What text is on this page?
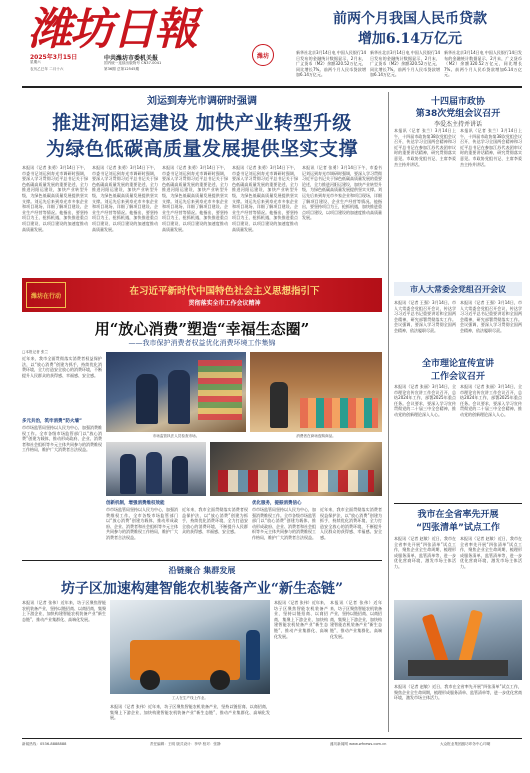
潍坊日報
2025年3月15日
星期六
农历乙巳年 二月十六
中共潍坊市委机关报
国内统一连续出版物号 CN37-0041
第36期 总第12545期
潍坊
前两个月我国人民币贷款
增加6.14万亿元
新华社北京3月14日电 中国人民银行14日发布的金融统计数据显示，2月末，广义货币（M2）余额320.52万亿元，同比增长7%。前两个月人民币贷款增加6.14万亿元。
新华社北京3月14日电 中国人民银行14日发布的金融统计数据显示，2月末，广义货币（M2）余额320.52万亿元，同比增长7%。前两个月人民币贷款增加6.14万亿元。
新华社北京3月14日电 中国人民银行14日发布的金融统计数据显示，2月末，广义货币（M2）余额320.52万亿元，同比增长7%。前两个月人民币贷款增加6.14万亿元。
刘运到寿光市调研时强调
推进河阳运建设 加快产业转型升级
为绿色低碳高质量发展提供坚实支撑
本报讯（记者 张勇）3月14日下午，市委书记刘运到寿光市调研时强调，要深入学习贯彻习近平总书记关于绿色低碳高质量发展的重要论述，全力推进河阳运建设，加快产业转型升级，为绿色低碳高质量发展提供坚实支撑。刘运先后来到寿光市多家企业和项目现场，详细了解项目建设、企业生产经营等情况。他指出，要坚持项目为王，抢抓机遇，加快推进重点项目建设，以项目建设的加速度推动高质量发展。
本报讯（记者 张勇）3月14日下午，市委书记刘运到寿光市调研时强调，要深入学习贯彻习近平总书记关于绿色低碳高质量发展的重要论述，全力推进河阳运建设，加快产业转型升级，为绿色低碳高质量发展提供坚实支撑。刘运先后来到寿光市多家企业和项目现场，详细了解项目建设、企业生产经营等情况。他指出，要坚持项目为王，抢抓机遇，加快推进重点项目建设，以项目建设的加速度推动高质量发展。
本报讯（记者 张勇）3月14日下午，市委书记刘运到寿光市调研时强调，要深入学习贯彻习近平总书记关于绿色低碳高质量发展的重要论述，全力推进河阳运建设，加快产业转型升级，为绿色低碳高质量发展提供坚实支撑。刘运先后来到寿光市多家企业和项目现场，详细了解项目建设、企业生产经营等情况。他指出，要坚持项目为王，抢抓机遇，加快推进重点项目建设，以项目建设的加速度推动高质量发展。
本报讯（记者 张勇）3月14日下午，市委书记刘运到寿光市调研时强调，要深入学习贯彻习近平总书记关于绿色低碳高质量发展的重要论述，全力推进河阳运建设，加快产业转型升级，为绿色低碳高质量发展提供坚实支撑。刘运先后来到寿光市多家企业和项目现场，详细了解项目建设、企业生产经营等情况。他指出，要坚持项目为王，抢抓机遇，加快推进重点项目建设，以项目建设的加速度推动高质量发展。
本报讯（记者 张勇）3月14日下午，市委书记刘运到寿光市调研时强调，要深入学习贯彻习近平总书记关于绿色低碳高质量发展的重要论述，全力推进河阳运建设，加快产业转型升级，为绿色低碳高质量发展提供坚实支撑。刘运先后来到寿光市多家企业和项目现场，详细了解项目建设、企业生产经营等情况。他指出，要坚持项目为王，抢抓机遇，加快推进重点项目建设，以项目建设的加速度推动高质量发展。
潍坊在行动	在习近平新时代中国特色社会主义思想指引下
贯彻落实全市工作会议精神
用“放心消费”塑造“幸福生态圈”
——我市保护消费者权益优化消费环境工作集锦
□本报记者 张兰
近年来，我市全面贯彻落实消费者权益保护法，以“放心消费”创建为抓手，持续优化消费环境，全力打造安全放心的消费环境，不断提升人民群众的获得感、幸福感、安全感。
多元共治，筑牢消费“防火墙”
市市场监管局坚持以人民为中心，加强消费维权工作。全市各级市场监管部门以“放心消费”创建为载体，推动形成政府、企业、消费者和社会组织等多元主体共同参与的消费维权工作格局，维护广大消费者合法权益。
市场监管执法人员检查市场。	消费者在商场选购商品。
创新机制，增强消费维权效能
市市场监管局坚持以人民为中心，加强消费维权工作。全市各级市场监管部门以“放心消费”创建为载体，推动形成政府、企业、消费者和社会组织等多元主体共同参与的消费维权工作格局，维护广大消费者合法权益。
近年来，我市全面贯彻落实消费者权益保护法，以“放心消费”创建为抓手，持续优化消费环境，全力打造安全放心的消费环境，不断提升人民群众的获得感、幸福感、安全感。
优化服务，提振消费信心
市市场监管局坚持以人民为中心，加强消费维权工作。全市各级市场监管部门以“放心消费”创建为载体，推动形成政府、企业、消费者和社会组织等多元主体共同参与的消费维权工作格局，维护广大消费者合法权益。
近年来，我市全面贯彻落实消费者权益保护法，以“放心消费”创建为抓手，持续优化消费环境，全力打造安全放心的消费环境，不断提升人民群众的获得感、幸福感、安全感。
沿链聚合 集群发展
坊子区加速构建智能农机装备产业“新生态链”
本报讯（记者 张伟）近年来，坊子区聚焦智能农机装备产业，坚持以链招商、以商招商，集聚上下游企业，加快构建智能农机装备产业“新生态链”，推动产业集群化、高端化发展。
工人在生产线上作业。
本报讯（记者 张伟）近年来，坊子区聚焦智能农机装备产业，坚持以链招商、以商招商，集聚上下游企业，加快构建智能农机装备产业“新生态链”，推动产业集群化、高端化发展。
本报讯（记者 张伟）近年来，坊子区聚焦智能农机装备产业，坚持以链招商、以商招商，集聚上下游企业，加快构建智能农机装备产业“新生态链”，推动产业集群化、高端化发展。
本报讯（记者 张伟）近年来，坊子区聚焦智能农机装备产业，坚持以链招商、以商招商，集聚上下游企业，加快构建智能农机装备产业“新生态链”，推动产业集群化、高端化发展。
十四届市政协
第38次党组会议召开
李爱杰主持并讲话
本报讯（记者 张兰）3月14日上午，十四届市政协第38次党组会议召开，传达学习全国两会精神和习近平总书记在参加江苏代表团审议时的重要讲话精神，研究贯彻落实意见。市政协党组书记、主席李爱杰主持并讲话。
本报讯（记者 张兰）3月14日上午，十四届市政协第38次党组会议召开，传达学习全国两会精神和习近平总书记在参加江苏代表团审议时的重要讲话精神，研究贯彻落实意见。市政协党组书记、主席李爱杰主持并讲话。
市人大常委会党组召开会议
本报讯（记者 王强）3月14日，市人大常委会党组召开会议，传达学习习近平总书记重要讲话和全国两会精神，研究部署贯彻落实工作。会议强调，要深入学习贯彻全国两会精神，依法履职尽责。
本报讯（记者 王强）3月14日，市人大常委会党组召开会议，传达学习习近平总书记重要讲话和全国两会精神，研究部署贯彻落实工作。会议强调，要深入学习贯彻全国两会精神，依法履职尽责。
全市理论宣传宣讲
工作会议召开
本报讯（记者 张丽）3月14日，全市理论宣传宣讲工作会议召开，总结2024年工作，部署2025年重点任务。会议要求，要深入学习宣传贯彻党的二十届三中全会精神，推动党的创新理论深入人心。
本报讯（记者 张丽）3月14日，全市理论宣传宣讲工作会议召开，总结2024年工作，部署2025年重点任务。会议要求，要深入学习宣传贯彻党的二十届三中全会精神，推动党的创新理论深入人心。
我市在全省率先开展
“四张清单”试点工作
本报讯（记者 赵敏）近日，我市在全省率先开展“四张清单”试点工作，聚焦企业全生命周期，梳理形成服务清单、监管清单等，进一步优化营商环境，激发市场主体活力。
本报讯（记者 赵敏）近日，我市在全省率先开展“四张清单”试点工作，聚焦企业全生命周期，梳理形成服务清单、监管清单等，进一步优化营商环境，激发市场主体活力。
本报讯（记者 赵敏）近日，我市在全省率先开展“四张清单”试点工作，聚焦企业全生命周期，梳理形成服务清单、监管清单等，进一步优化营商环境，激发市场主体活力。
新闻热线：0536-8888888	责任编辑：王明 版式设计：李华 校对：张静	潍坊新闻网 www.wfnews.com.cn	大众报业集团潍坊印务中心印刷
